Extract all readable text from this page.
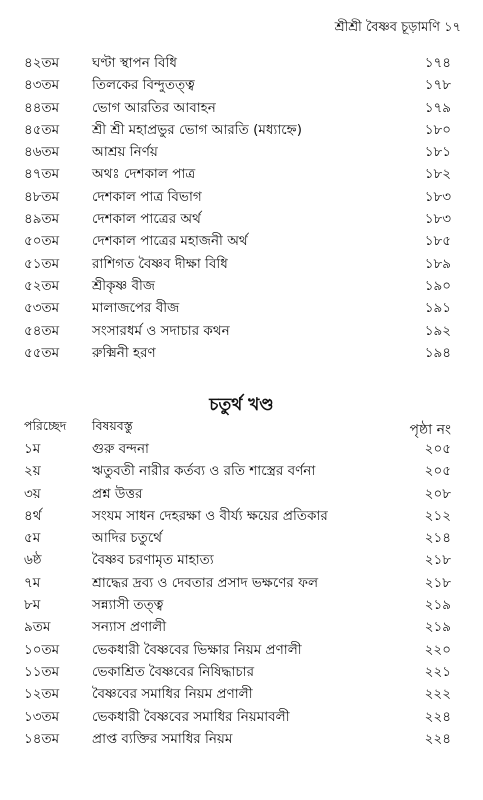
শ্রীশ্রী বৈষ্ণব চূড়ামণি ১৭
৪২তম ঘণ্টা স্থাপন বিধি	১৭৪
৪৩তম তিলকের বিন্দুতত্ত্ব	১৭৮
৪৪তম ভোগ আরতির আবাহন	১৭৯
৪৫তম শ্রী শ্রী মহাপ্রভুর ভোগ আরতি (মধ্যাহ্নে)	১৮০
৪৬তম আশ্রয় নির্ণয়	১৮১
৪৭তম অথঃ দেশকাল পাত্র	১৮২
৪৮তম দেশকাল পাত্র বিভাগ	১৮৩
৪৯তম দেশকাল পাত্রের অর্থ	১৮৩
৫০তম দেশকাল পাত্রের মহাজনী অর্থ	১৮৫
৫১তম রাশিগত বৈষ্ণব দীক্ষা বিধি	১৮৯
৫২তম শ্রীকৃষ্ণ বীজ	১৯০
৫৩তম মালাজপের বীজ	১৯১
৫৪তম সংসারধর্ম ও সদাচার কথন	১৯২
৫৫তম রুক্মিনী হরণ	১৯৪
চতুর্থ খণ্ড
পরিচ্ছেদ বিষয়বস্তু	পৃষ্ঠা নং
১ম	গুরু বন্দনা	২০৫
২য়	ঋতুবতী নারীর কর্তব্য ও রতি শাস্ত্রের বর্ণনা	২০৫
৩য়	প্রশ্ন উত্তর	২০৮
৪র্থ	সংযম সাধন দেহরক্ষা ও বীর্য্য ক্ষয়ের প্রতিকার	২১২
৫ম	আদির চতুর্থে	২১৪
৬ষ্ঠ	বৈষ্ণব চরণামৃত মাহাত্য	২১৮
৭ম	শ্রাদ্ধের দ্রব্য ও দেবতার প্রসাদ ভক্ষণের ফল	২১৮
৮ম	সন্ন্যাসী তত্ত্ব	২১৯
৯তম	সন্যাস প্রণালী	২১৯
১০তম ভেকধারী বৈষ্ণবের ভিক্ষার নিয়ম প্রণালী	২২০
১১তম ভেকাশ্রিত বৈষ্ণবের নিষিদ্ধাচার	২২১
১২তম বৈষ্ণবের সমাধির নিয়ম প্রণালী	২২২
১৩তম ভেকধারী বৈষ্ণবের সমাধির নিয়মাবলী	২২৪
১৪তম প্রাপ্ত ব্যক্তির সমাধির নিয়ম	২২৪
